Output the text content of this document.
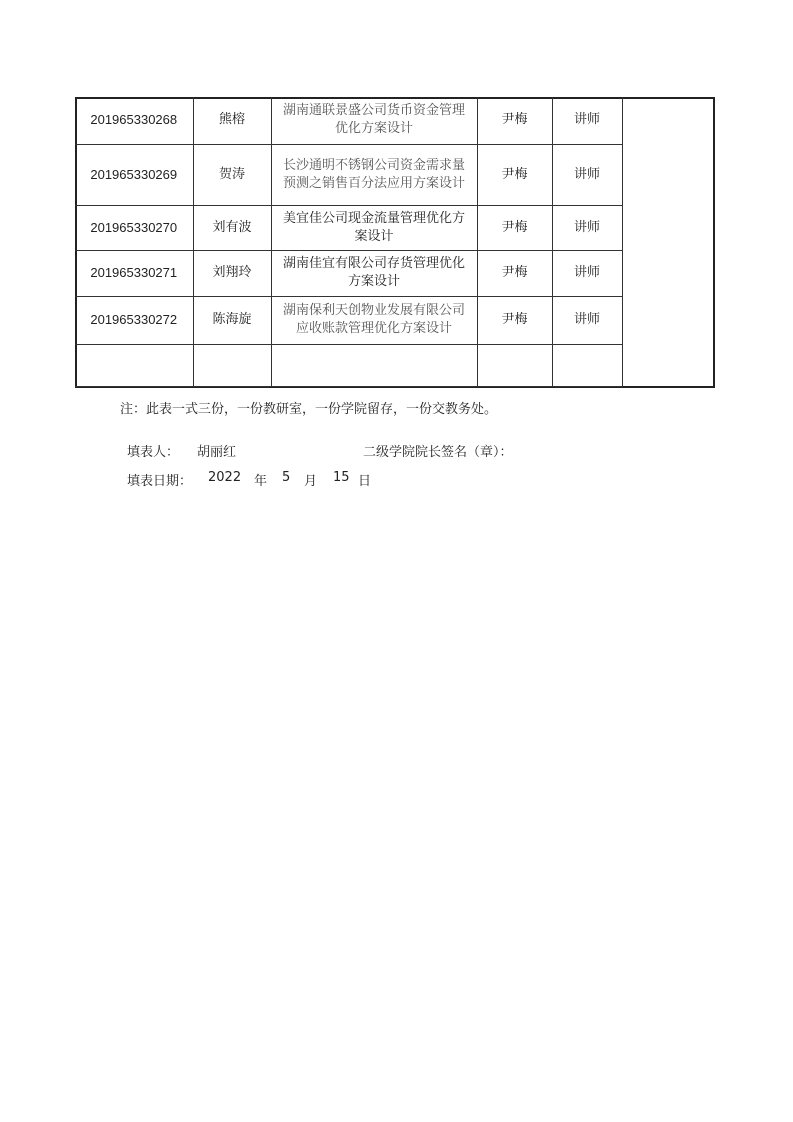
201965330268	熊榕	湖南通联景盛公司货币资金管理优化方案设计	尹梅	讲师
201965330269	贺涛	长沙通明不锈钢公司资金需求量预测之销售百分法应用方案设计	尹梅	讲师
201965330270	刘有波	美宜佳公司现金流量管理优化方案设计	尹梅	讲师
201965330271	刘翔玲	湖南佳宜有限公司存货管理优化方案设计	尹梅	讲师
201965330272	陈海旋	湖南保利天创物业发展有限公司应收账款管理优化方案设计	尹梅	讲师

注：此表一式三份，一份教研室，一份学院留存，一份交教务处。
填表人： 胡丽红	二级学院院长签名（章）：
填表日期： 2022 年 5 月 15 日
